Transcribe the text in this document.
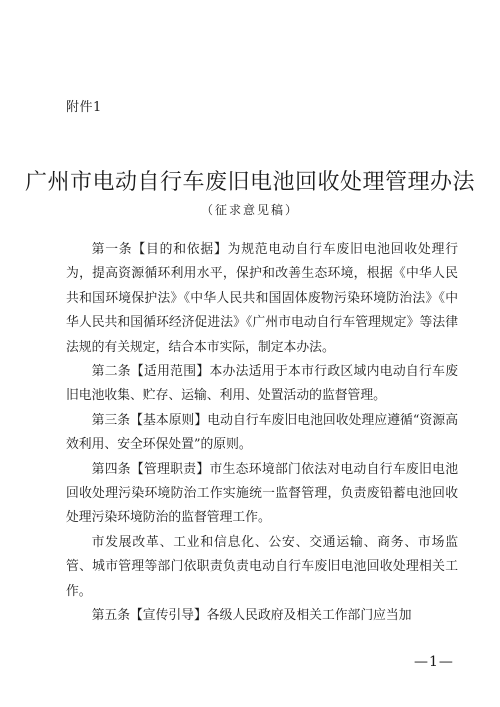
附件1
广州市电动自行车废旧电池回收处理管理办法
（征求意见稿）

第一条【目的和依据】为规范电动自行车废旧电池回收处理行为，提高资源循环利用水平，保护和改善生态环境，根据《中华人民共和国环境保护法》《中华人民共和国固体废物污染环境防治法》《中华人民共和国循环经济促进法》《广州市电动自行车管理规定》等法律法规的有关规定，结合本市实际，制定本办法。

第二条【适用范围】本办法适用于本市行政区域内电动自行车废旧电池收集、贮存、运输、利用、处置活动的监督管理。

第三条【基本原则】电动自行车废旧电池回收处理应遵循“资源高效利用、安全环保处置”的原则。

第四条【管理职责】市生态环境部门依法对电动自行车废旧电池回收处理污染环境防治工作实施统一监督管理，负责废铅蓄电池回收处理污染环境防治的监督管理工作。

市发展改革、工业和信息化、公安、交通运输、商务、市场监管、城市管理等部门依职责负责电动自行车废旧电池回收处理相关工作。

第五条【宣传引导】各级人民政府及相关工作部门应当加

—1—
